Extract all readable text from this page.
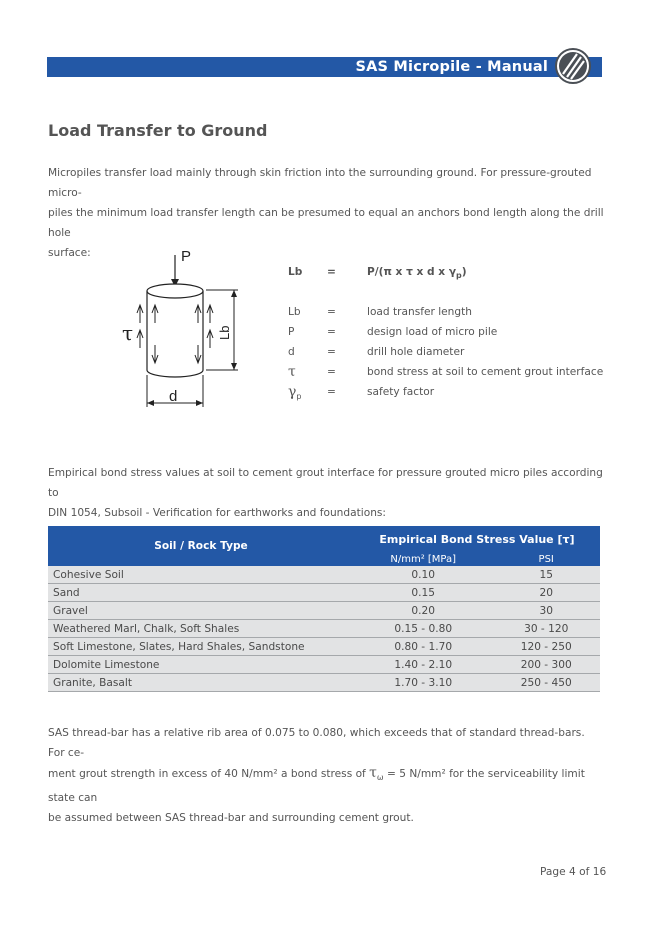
SAS Micropile - Manual
Load Transfer to Ground
Micropiles transfer load mainly through skin friction into the surrounding ground. For pressure-grouted micro-
piles the minimum load transfer length can be presumed to equal an anchors bond length along the drill hole
surface:	P
τ	Lb
d
Lb =	P/(π x τ x d x $\gamma_p$)
Lb =	load transfer length
P	=	design load of micro pile
d	=	drill hole diameter
τ	=	bond stress at soil to cement grout interface
$\gamma_p$ =	safety factor
Empirical bond stress values at soil to cement grout interface for pressure grouted micro piles according to
DIN 1054, Subsoil - Verification for earthworks and foundations:
Soil / Rock Type	Empirical Bond Stress Value [τ]	
	N/mm² [MPa]	PSI
Cohesive Soil	0.10	15
Sand	0.15	20
Gravel	0.20	30
Weathered Marl, Chalk, Soft Shales	0.15 - 0.80	30 - 120
Soft Limestone, Slates, Hard Shales, Sandstone	0.80 - 1.70	120 - 250
Dolomite Limestone	1.40 - 2.10	200 - 300
Granite, Basalt	1.70 - 3.10	250 - 450
SAS thread-bar has a relative rib area of 0.075 to 0.080, which exceeds that of standard thread-bars. For ce-
ment grout strength in excess of 40 N/mm² a bond stress of $\tau_\omega = 5$ N/mm² for the serviceability limit state can
be assumed between SAS thread-bar and surrounding cement grout.
Page 4 of 16
